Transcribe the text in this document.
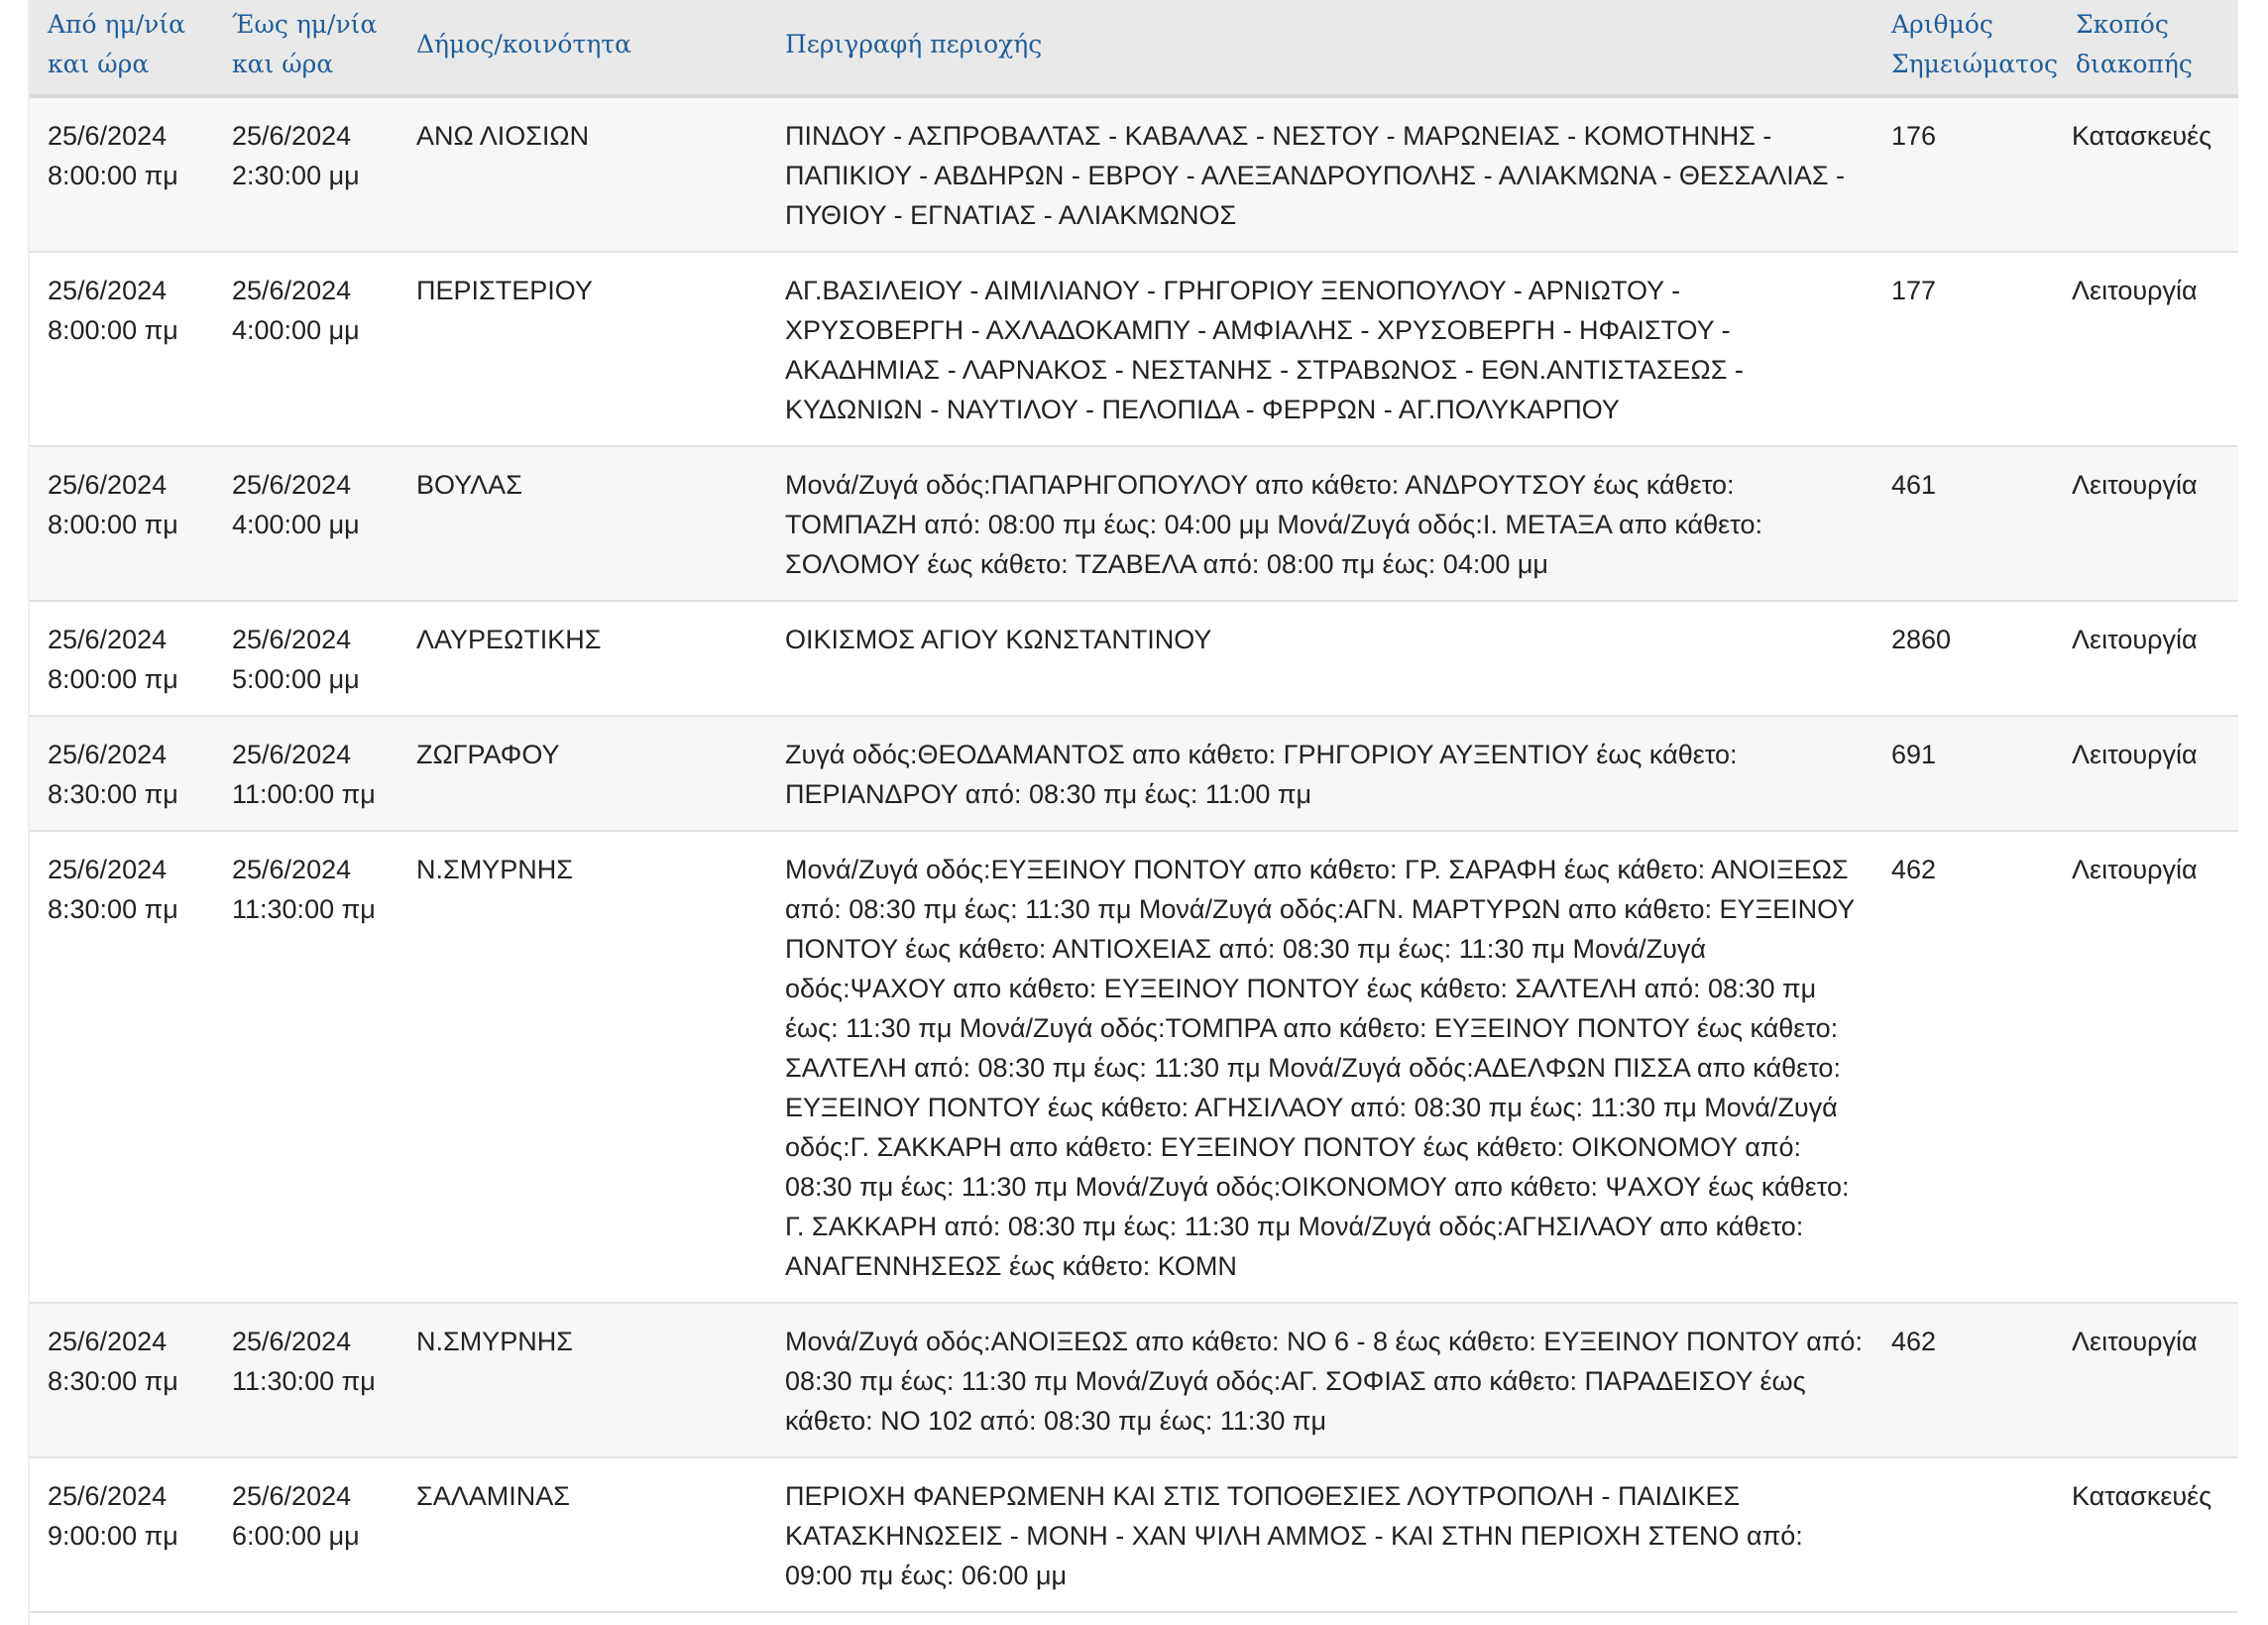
Από ημ/νία και ώρα	Έως ημ/νία και ώρα	Δήμος/κοινότητα	Περιγραφή περιοχής	Αριθμός Σημειώματος	Σκοπός διακοπής
25/6/2024 8:00:00 πμ	25/6/2024 2:30:00 μμ	ΑΝΩ ΛΙΟΣΙΩΝ	ΠΙΝΔΟΥ - ΑΣΠΡΟΒΑΛΤΑΣ - ΚΑΒΑΛΑΣ - ΝΕΣΤΟΥ - ΜΑΡΩΝΕΙΑΣ - ΚΟΜΟΤΗΝΗΣ - ΠΑΠΙΚΙΟΥ - ΑΒΔΗΡΩΝ - ΕΒΡΟΥ - ΑΛΕΞΑΝΔΡΟΥΠΟΛΗΣ - ΑΛΙΑΚΜΩΝΑ - ΘΕΣΣΑΛΙΑΣ - ΠΥΘΙΟΥ - ΕΓΝΑΤΙΑΣ - ΑΛΙΑΚΜΩΝΟΣ	176	Κατασκευές
25/6/2024 8:00:00 πμ	25/6/2024 4:00:00 μμ	ΠΕΡΙΣΤΕΡΙΟΥ	ΑΓ.ΒΑΣΙΛΕΙΟΥ - ΑΙΜΙΛΙΑΝΟΥ - ΓΡΗΓΟΡΙΟΥ ΞΕΝΟΠΟΥΛΟΥ - ΑΡΝΙΩΤΟΥ - ΧΡΥΣΟΒΕΡΓΗ - ΑΧΛΑΔΟΚΑΜΠΥ - ΑΜΦΙΑΛΗΣ - ΧΡΥΣΟΒΕΡΓΗ - ΗΦΑΙΣΤΟΥ - ΑΚΑΔΗΜΙΑΣ - ΛΑΡΝΑΚΟΣ - ΝΕΣΤΑΝΗΣ - ΣΤΡΑΒΩΝΟΣ - ΕΘΝ.ΑΝΤΙΣΤΑΣΕΩΣ - ΚΥΔΩΝΙΩΝ - ΝΑΥΤΙΛΟΥ - ΠΕΛΟΠΙΔΑ - ΦΕΡΡΩΝ - ΑΓ.ΠΟΛΥΚΑΡΠΟΥ	177	Λειτουργία
25/6/2024 8:00:00 πμ	25/6/2024 4:00:00 μμ	ΒΟΥΛΑΣ	Μονά/Ζυγά οδός:ΠΑΠΑΡΗΓΟΠΟΥΛΟΥ απο κάθετο: ΑΝΔΡΟΥΤΣΟΥ έως κάθετο: ΤΟΜΠΑΖΗ από: 08:00 πμ έως: 04:00 μμ Μονά/Ζυγά οδός:Ι. ΜΕΤΑΞΑ απο κάθετο: ΣΟΛΟΜΟΥ έως κάθετο: ΤΖΑΒΕΛΑ από: 08:00 πμ έως: 04:00 μμ	461	Λειτουργία
25/6/2024 8:00:00 πμ	25/6/2024 5:00:00 μμ	ΛΑΥΡΕΩΤΙΚΗΣ	ΟΙΚΙΣΜΟΣ ΑΓΙΟΥ ΚΩΝΣΤΑΝΤΙΝΟΥ	2860	Λειτουργία
25/6/2024 8:30:00 πμ	25/6/2024 11:00:00 πμ	ΖΩΓΡΑΦΟΥ	Ζυγά οδός:ΘΕΟΔΑΜΑΝΤΟΣ απο κάθετο: ΓΡΗΓΟΡΙΟΥ ΑΥΞΕΝΤΙΟΥ έως κάθετο: ΠΕΡΙΑΝΔΡΟΥ από: 08:30 πμ έως: 11:00 πμ	691	Λειτουργία
25/6/2024 8:30:00 πμ	25/6/2024 11:30:00 πμ	Ν.ΣΜΥΡΝΗΣ	Μονά/Ζυγά οδός:ΕΥΞΕΙΝΟΥ ΠΟΝΤΟΥ απο κάθετο: ΓΡ. ΣΑΡΑΦΗ έως κάθετο: ΑΝΟΙΞΕΩΣ από: 08:30 πμ έως: 11:30 πμ Μονά/Ζυγά οδός:ΑΓΝ. ΜΑΡΤΥΡΩΝ απο κάθετο: ΕΥΞΕΙΝΟΥ ΠΟΝΤΟΥ έως κάθετο: ΑΝΤΙΟΧΕΙΑΣ από: 08:30 πμ έως: 11:30 πμ Μονά/Ζυγά οδός:ΨΑΧΟΥ απο κάθετο: ΕΥΞΕΙΝΟΥ ΠΟΝΤΟΥ έως κάθετο: ΣΑΛΤΕΛΗ από: 08:30 πμ έως: 11:30 πμ Μονά/Ζυγά οδός:ΤΟΜΠΡΑ απο κάθετο: ΕΥΞΕΙΝΟΥ ΠΟΝΤΟΥ έως κάθετο: ΣΑΛΤΕΛΗ από: 08:30 πμ έως: 11:30 πμ Μονά/Ζυγά οδός:ΑΔΕΛΦΩΝ ΠΙΣΣΑ απο κάθετο: ΕΥΞΕΙΝΟΥ ΠΟΝΤΟΥ έως κάθετο: ΑΓΗΣΙΛΑΟΥ από: 08:30 πμ έως: 11:30 πμ Μονά/Ζυγά οδός:Γ. ΣΑΚΚΑΡΗ απο κάθετο: ΕΥΞΕΙΝΟΥ ΠΟΝΤΟΥ έως κάθετο: ΟΙΚΟΝΟΜΟΥ από: 08:30 πμ έως: 11:30 πμ Μονά/Ζυγά οδός:ΟΙΚΟΝΟΜΟΥ απο κάθετο: ΨΑΧΟΥ έως κάθετο: Γ. ΣΑΚΚΑΡΗ από: 08:30 πμ έως: 11:30 πμ Μονά/Ζυγά οδός:ΑΓΗΣΙΛΑΟΥ απο κάθετο: ΑΝΑΓΕΝΝΗΣΕΩΣ έως κάθετο: ΚΟΜΝ	462	Λειτουργία
25/6/2024 8:30:00 πμ	25/6/2024 11:30:00 πμ	Ν.ΣΜΥΡΝΗΣ	Μονά/Ζυγά οδός:ΑΝΟΙΞΕΩΣ απο κάθετο: ΝΟ 6 - 8 έως κάθετο: ΕΥΞΕΙΝΟΥ ΠΟΝΤΟΥ από: 08:30 πμ έως: 11:30 πμ Μονά/Ζυγά οδός:ΑΓ. ΣΟΦΙΑΣ απο κάθετο: ΠΑΡΑΔΕΙΣΟΥ έως κάθετο: ΝΟ 102 από: 08:30 πμ έως: 11:30 πμ	462	Λειτουργία
25/6/2024 9:00:00 πμ	25/6/2024 6:00:00 μμ	ΣΑΛΑΜΙΝΑΣ	ΠΕΡΙΟΧΗ ΦΑΝΕΡΩΜΕΝΗ ΚΑΙ ΣΤΙΣ ΤΟΠΟΘΕΣΙΕΣ ΛΟΥΤΡΟΠΟΛΗ - ΠΑΙΔΙΚΕΣ ΚΑΤΑΣΚΗΝΩΣΕΙΣ - ΜΟΝΗ - ΧΑΝ ΨΙΛΗ ΑΜΜΟΣ - ΚΑΙ ΣΤΗΝ ΠΕΡΙΟΧΗ ΣΤΕΝΟ από: 09:00 πμ έως: 06:00 μμ		Κατασκευές
